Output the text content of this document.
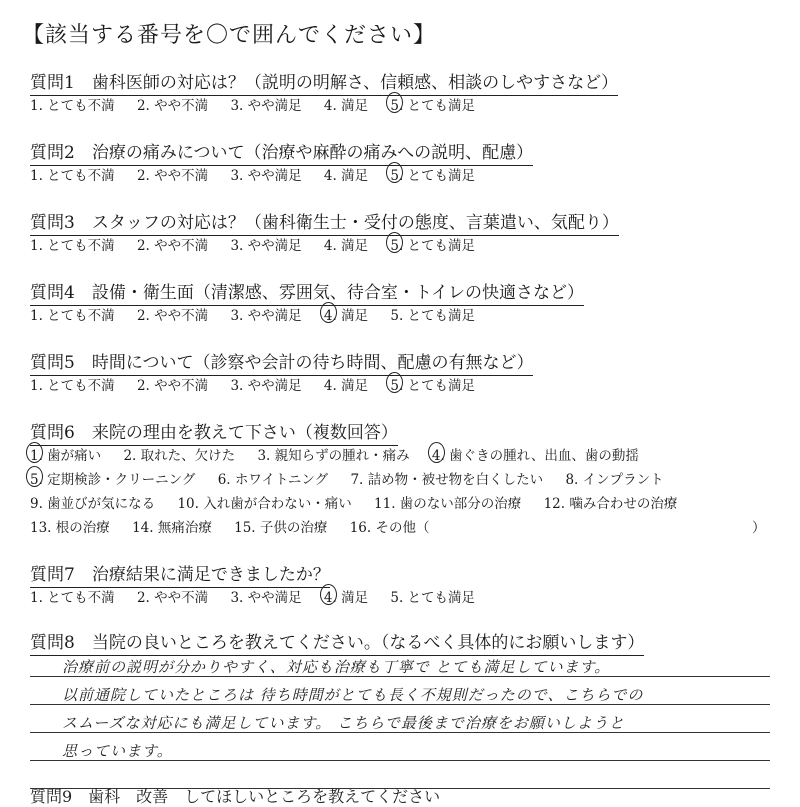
【該当する番号を〇で囲んでください】
質問1　歯科医師の対応は？（説明の明解さ、信頼感、相談のしやすさなど）
1. とても不満 2. やや不満 3. やや満足 4. 満足 5. とても満足
質問2　治療の痛みについて（治療や麻酔の痛みへの説明、配慮）
1. とても不満 2. やや不満 3. やや満足 4. 満足 5. とても満足
質問3　スタッフの対応は？（歯科衛生士・受付の態度、言葉遣い、気配り）
1. とても不満 2. やや不満 3. やや満足 4. 満足 5. とても満足
質問4　設備・衛生面（清潔感、雰囲気、待合室・トイレの快適さなど）
1. とても不満 2. やや不満 3. やや満足 4. 満足 5. とても満足
質問5　時間について（診察や会計の待ち時間、配慮の有無など）
1. とても不満 2. やや不満 3. やや満足 4. 満足 5. とても満足
質問6　来院の理由を教えて下さい（複数回答）
1. 歯が痛い 2. 取れた、欠けた 3. 親知らずの腫れ・痛み 4. 歯ぐきの腫れ、出血、歯の動揺
5. 定期検診・クリーニング 6. ホワイトニング 7. 詰め物・被せ物を白くしたい 8. インプラント
9. 歯並びが気になる 10. 入れ歯が合わない・痛い 11. 歯のない部分の治療 12. 噛み合わせの治療
13. 根の治療 14. 無痛治療 15. 子供の治療 16. その他（	）
質問7　治療結果に満足できましたか？
1. とても不満 2. やや不満 3. やや満足 4. 満足 5. とても満足
質問8　当院の良いところを教えてください。（なるべく具体的にお願いします）
治療前の説明が分かりやすく、対応も治療も丁寧で とても満足しています。
以前通院していたところは 待ち時間がとても長く不規則だったので、こちらでの
スムーズな対応にも満足しています。 こちらで最後まで治療をお願いしようと
思っています。
質問9　歯科　改善　してほしいところを教えてください
